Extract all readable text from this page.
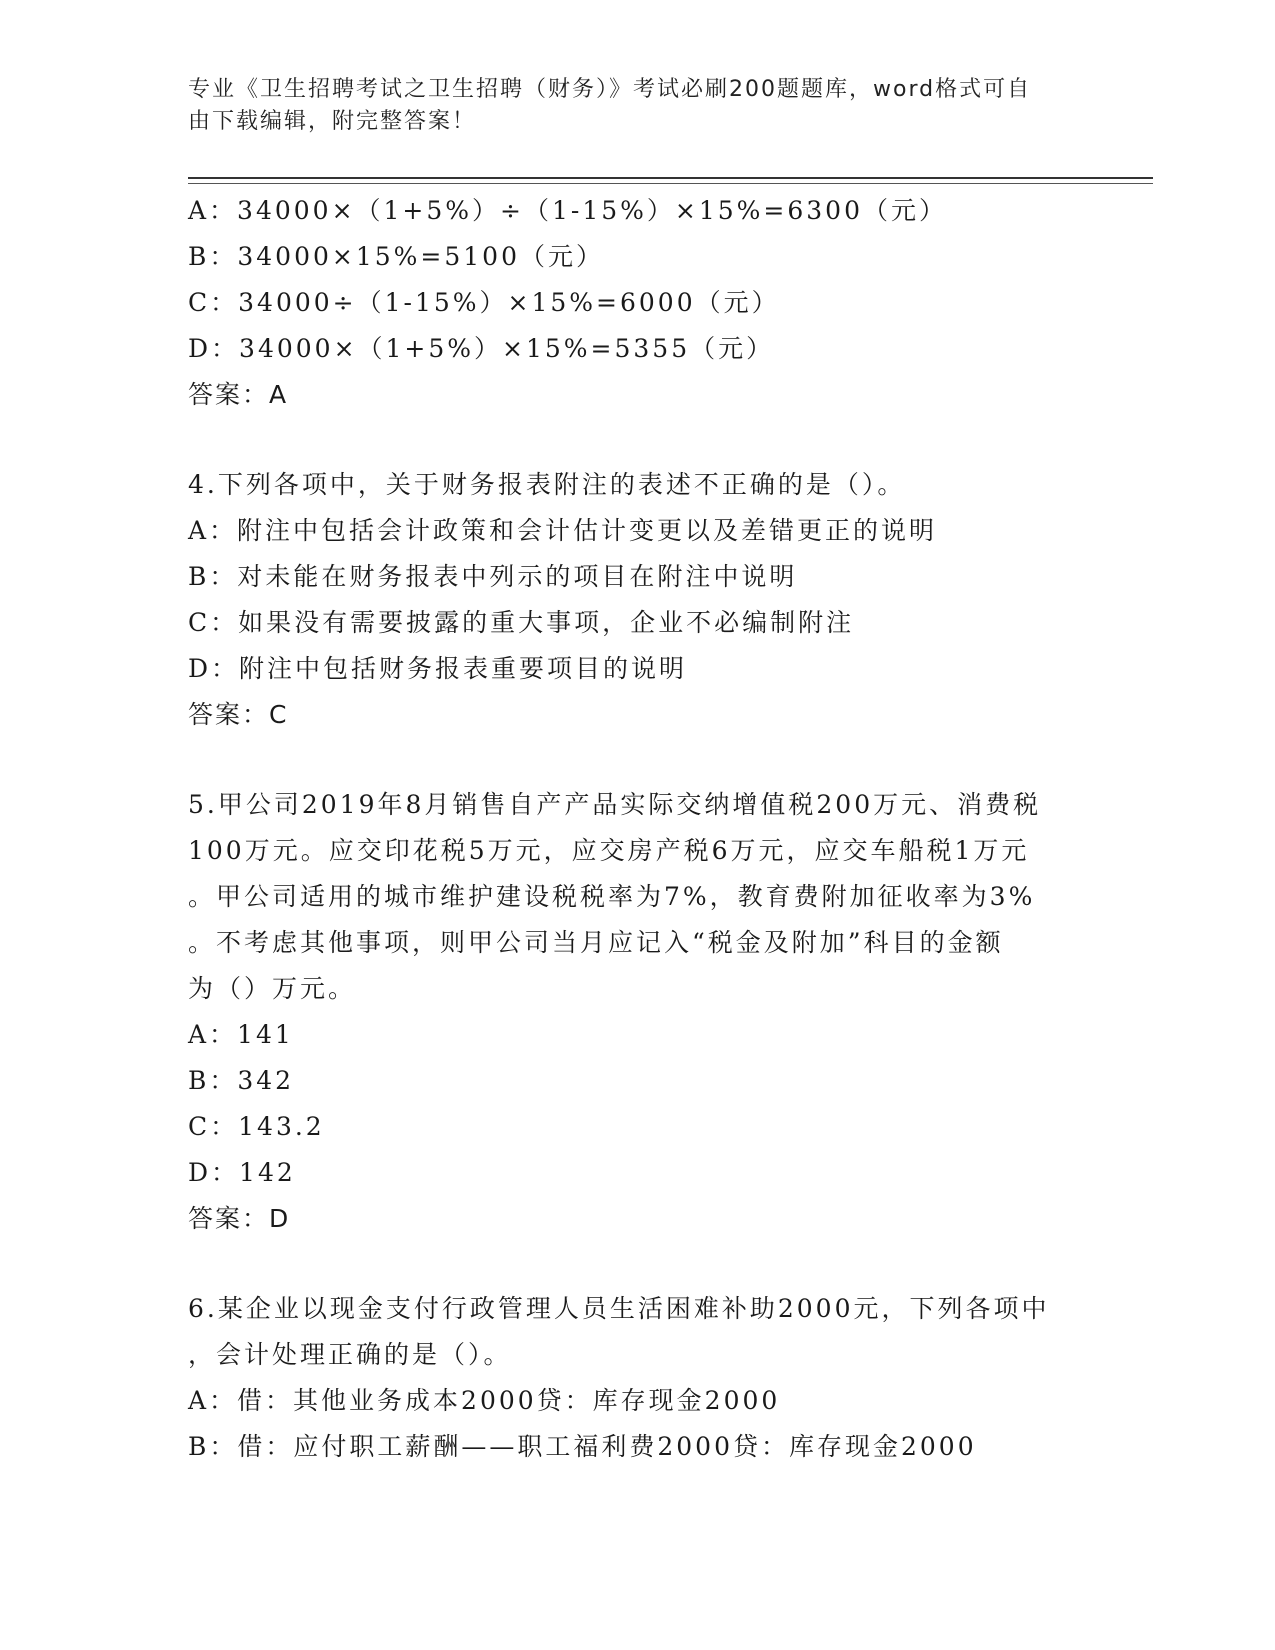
专业《卫生招聘考试之卫生招聘（财务）》考试必刷200题题库，word格式可自
由下载编辑，附完整答案！
A：34000×（1+5%）÷（1-15%）×15%=6300（元）
B：34000×15%=5100（元）
C：34000÷（1-15%）×15%=6000（元）
D：34000×（1+5%）×15%=5355（元）
答案：A
4.下列各项中，关于财务报表附注的表述不正确的是（）。
A：附注中包括会计政策和会计估计变更以及差错更正的说明
B：对未能在财务报表中列示的项目在附注中说明
C：如果没有需要披露的重大事项，企业不必编制附注
D：附注中包括财务报表重要项目的说明
答案：C
5.甲公司2019年8月销售自产产品实际交纳增值税200万元、消费税
100万元。应交印花税5万元，应交房产税6万元，应交车船税1万元
。甲公司适用的城市维护建设税税率为7%，教育费附加征收率为3%
。不考虑其他事项，则甲公司当月应记入“税金及附加”科目的金额
为（）万元。
A：141
B：342
C：143.2
D：142
答案：D
6.某企业以现金支付行政管理人员生活困难补助2000元，下列各项中
，会计处理正确的是（）。
A：借：其他业务成本2000贷：库存现金2000
B：借：应付职工薪酬——职工福利费2000贷：库存现金2000
